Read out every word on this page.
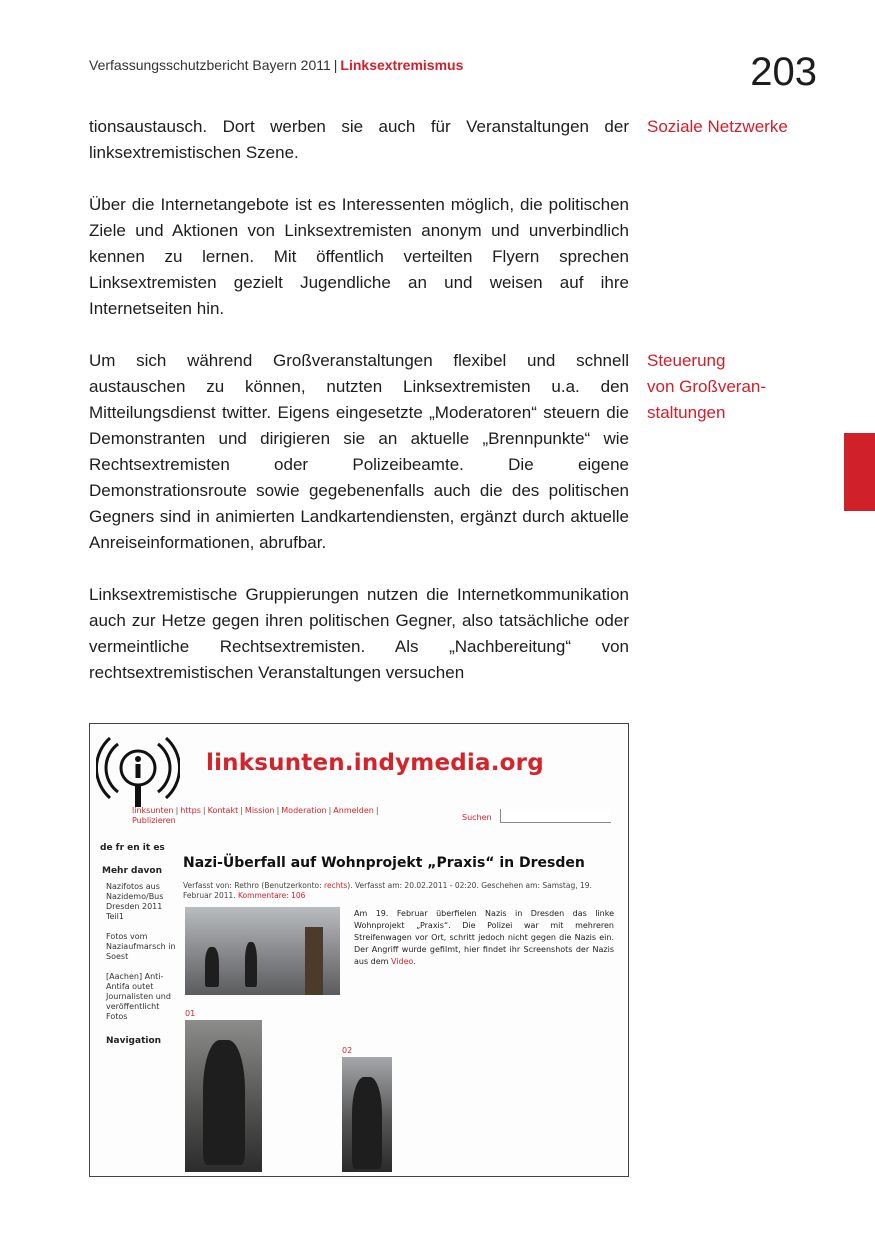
Verfassungsschutzbericht Bayern 2011 | Linksextremismus	203

tionsaustausch. Dort werben sie auch für Veranstaltungen der linksextremistischen Szene.

Über die Internetangebote ist es Interessenten möglich, die politischen Ziele und Aktionen von Linksextremisten anonym und unverbindlich kennen zu lernen. Mit öffentlich verteilten Flyern sprechen Linksextremisten gezielt Jugendliche an und weisen auf ihre Internetseiten hin.

Um sich während Großveranstaltungen flexibel und schnell austauschen zu können, nutzten Linksextremisten u.a. den Mitteilungsdienst twitter. Eigens eingesetzte „Moderatoren“ steuern die Demonstranten und dirigieren sie an aktuelle „Brennpunkte“ wie Rechtsextremisten oder Polizeibeamte. Die eigene Demonstrationsroute sowie gegebenenfalls auch die des politischen Gegners sind in animierten Landkartendiensten, ergänzt durch aktuelle Anreiseinformationen, abrufbar.

Linksextremistische Gruppierungen nutzen die Internetkommunikation auch zur Hetze gegen ihren politischen Gegner, also tatsächliche oder vermeintliche Rechtsextremisten. Als „Nachbereitung“ von rechtsextremistischen Veranstaltungen versuchen

Soziale Netzwerke
Steuerung
von Großveran-
staltungen
linksunten.indymedia.org
linksunten | https | Kontakt | Mission | Moderation | Anmelden |
Publizieren	Suchen
de fr en it es
Mehr davon
Nazifotos aus Nazidemo/Bus Dresden 2011 Teil1
Fotos vom Naziaufmarsch in Soest
[Aachen] Anti-Antifa outet Journalisten und veröffentlicht Fotos
Navigation
Nazi-Überfall auf Wohnprojekt „Praxis“ in Dresden
Verfasst von: Rethro (Benutzerkonto: rechts). Verfasst am: 20.02.2011 - 02:20. Geschehen am: Samstag, 19. Februar 2011. Kommentare: 106
Am 19. Februar überfielen Nazis in Dresden das linke Wohnprojekt „Praxis“. Die Polizei war mit mehreren Streifenwagen vor Ort, schritt jedoch nicht gegen die Nazis ein. Der Angriff wurde gefilmt, hier findet ihr Screenshots der Nazis aus dem Video.
01
02
